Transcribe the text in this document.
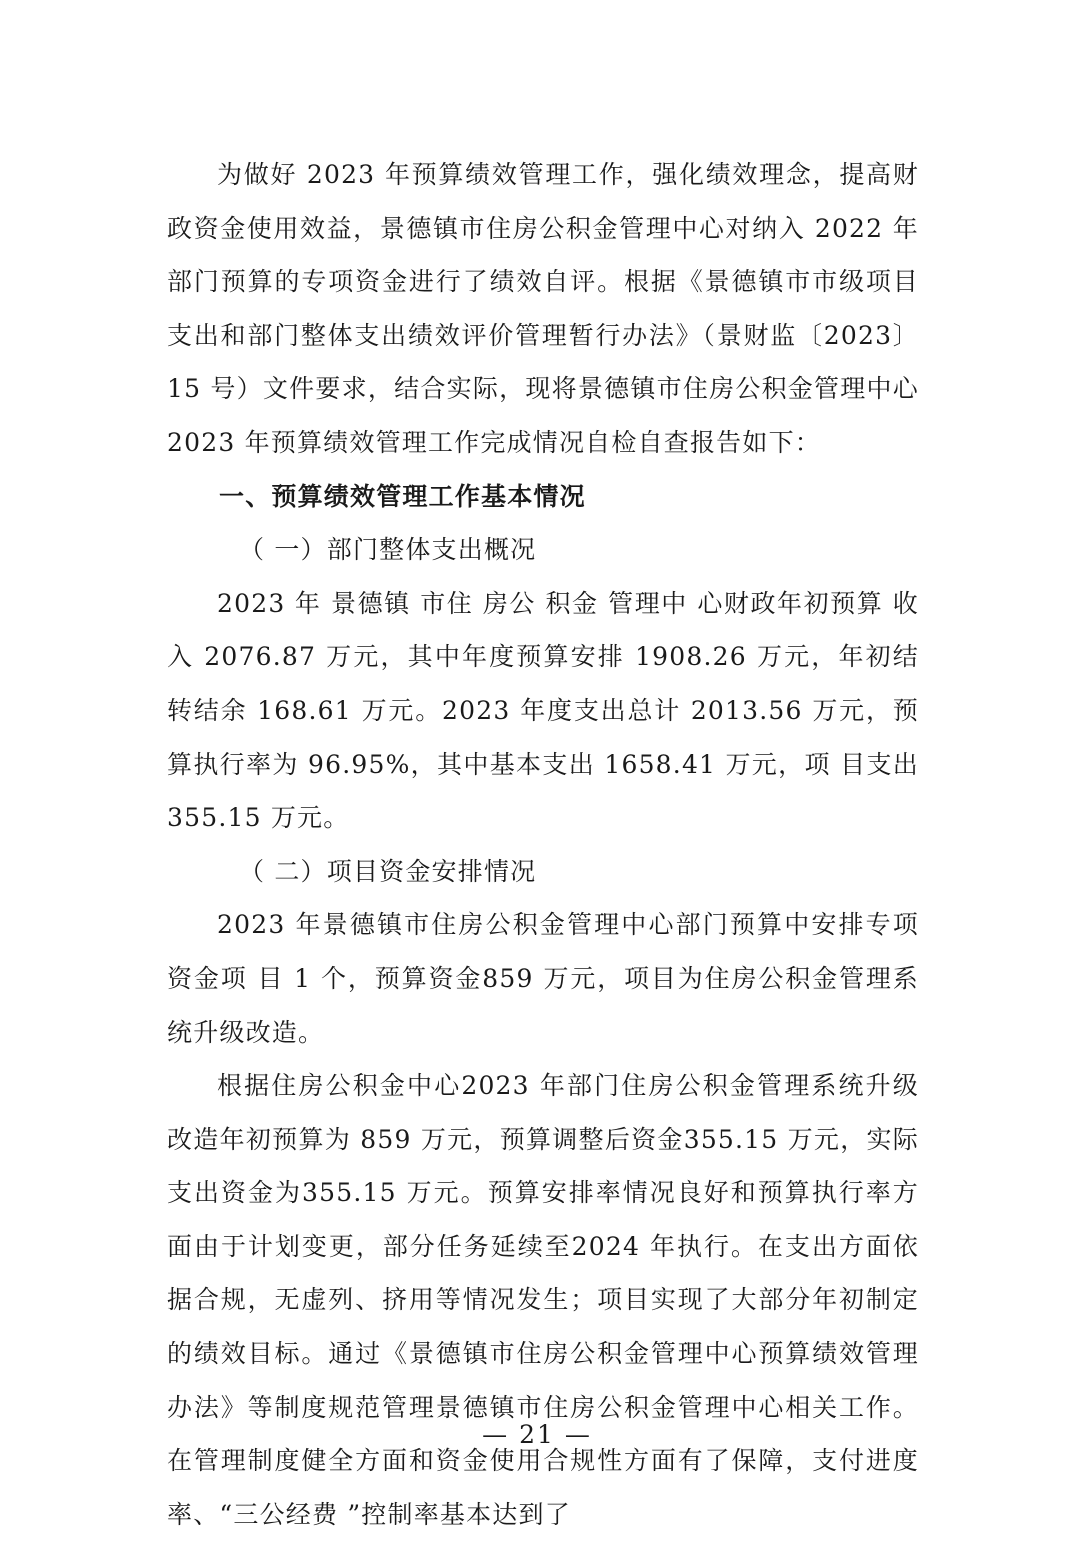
为做好 2023 年预算绩效管理工作，强化绩效理念，提高财政资金使用效益，景德镇市住房公积金管理中心对纳入 2022 年部门预算的专项资金进行了绩效自评。根据《景德镇市市级项目支出和部门整体支出绩效评价管理暂行办法》（景财监〔2023〕15 号）文件要求，结合实际，现将景德镇市住房公积金管理中心2023 年预算绩效管理工作完成情况自检自查报告如下：

一、预算绩效管理工作基本情况

（ 一）部门整体支出概况

2023 年 景德镇 市住 房公 积金 管理中 心财政年初预算 收入 2076.87 万元，其中年度预算安排 1908.26 万元，年初结转结余 168.61 万元。2023 年度支出总计 2013.56 万元，预算执行率为 96.95%，其中基本支出 1658.41 万元，项 目支出 355.15 万元。

（ 二）项目资金安排情况

2023 年景德镇市住房公积金管理中心部门预算中安排专项资金项 目 1 个，预算资金859 万元，项目为住房公积金管理系统升级改造。

根据住房公积金中心2023 年部门住房公积金管理系统升级改造年初预算为 859 万元，预算调整后资金355.15 万元，实际支出资金为355.15 万元。预算安排率情况良好和预算执行率方面由于计划变更，部分任务延续至2024 年执行。在支出方面依据合规，无虚列、挤用等情况发生；项目实现了大部分年初制定的绩效目标。通过《景德镇市住房公积金管理中心预算绩效管理办法》等制度规范管理景德镇市住房公积金管理中心相关工作。在管理制度健全方面和资金使用合规性方面有了保障，支付进度率、“三公经费 ”控制率基本达到了

— 21 —
